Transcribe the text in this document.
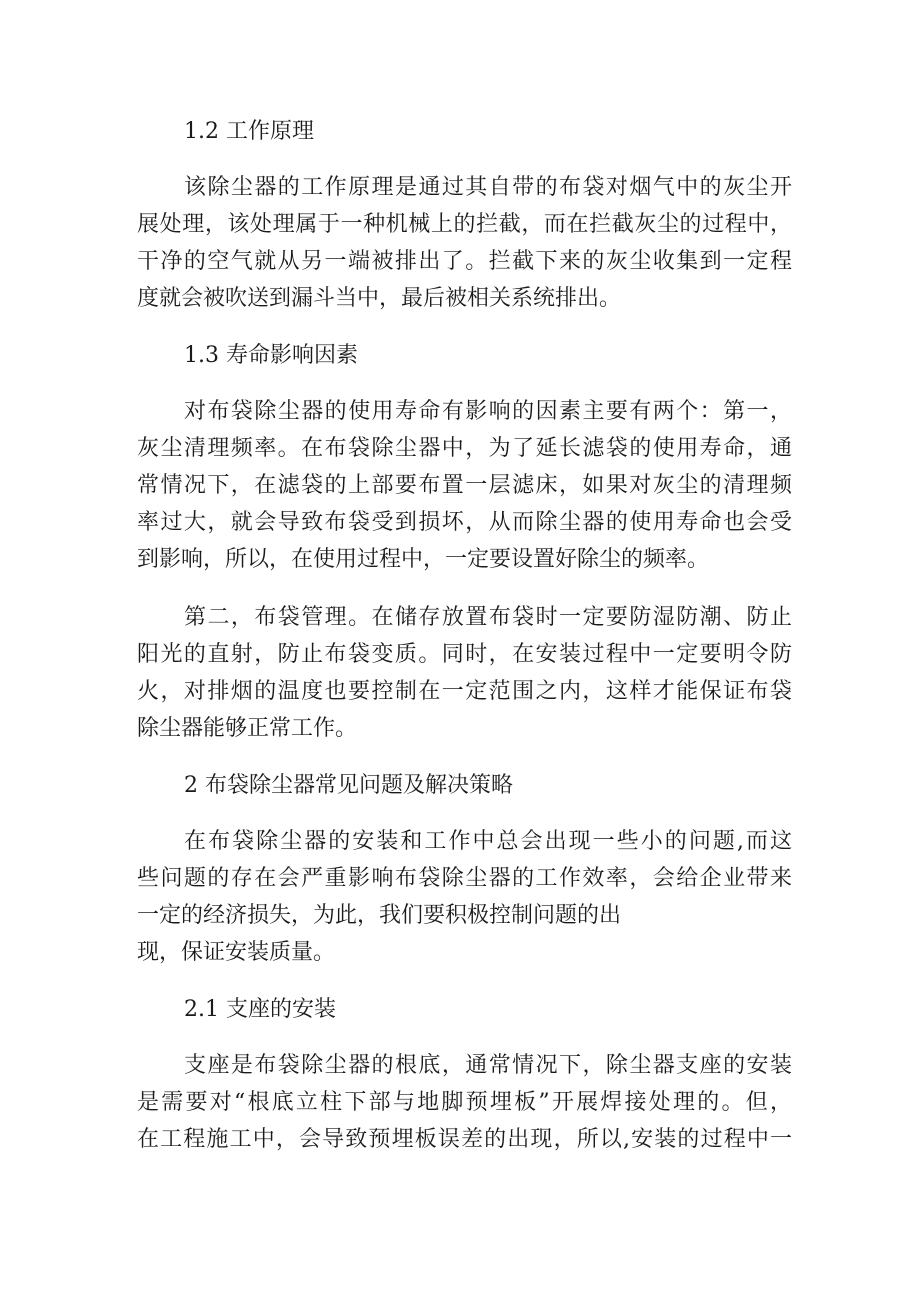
1.2 工作原理
该除尘器的工作原理是通过其自带的布袋对烟气中的灰尘开
展处理，该处理属于一种机械上的拦截，而在拦截灰尘的过程中，
干净的空气就从另一端被排出了。拦截下来的灰尘收集到一定程
度就会被吹送到漏斗当中，最后被相关系统排出。
1.3 寿命影响因素
对布袋除尘器的使用寿命有影响的因素主要有两个：第一，
灰尘清理频率。在布袋除尘器中，为了延长滤袋的使用寿命，通
常情况下，在滤袋的上部要布置一层滤床，如果对灰尘的清理频
率过大，就会导致布袋受到损坏，从而除尘器的使用寿命也会受
到影响，所以，在使用过程中，一定要设置好除尘的频率。
第二，布袋管理。在储存放置布袋时一定要防湿防潮、防止
阳光的直射，防止布袋变质。同时，在安装过程中一定要明令防
火，对排烟的温度也要控制在一定范围之内，这样才能保证布袋
除尘器能够正常工作。
2 布袋除尘器常见问题及解决策略
在布袋除尘器的安装和工作中总会出现一些小的问题,而这
些问题的存在会严重影响布袋除尘器的工作效率，会给企业带来
一定的经济损失，为此，我们要积极控制问题的出
现，保证安装质量。
2.1 支座的安装
支座是布袋除尘器的根底，通常情况下，除尘器支座的安装
是需要对“根底立柱下部与地脚预埋板”开展焊接处理的。但，
在工程施工中，会导致预埋板误差的出现，所以,安装的过程中一
